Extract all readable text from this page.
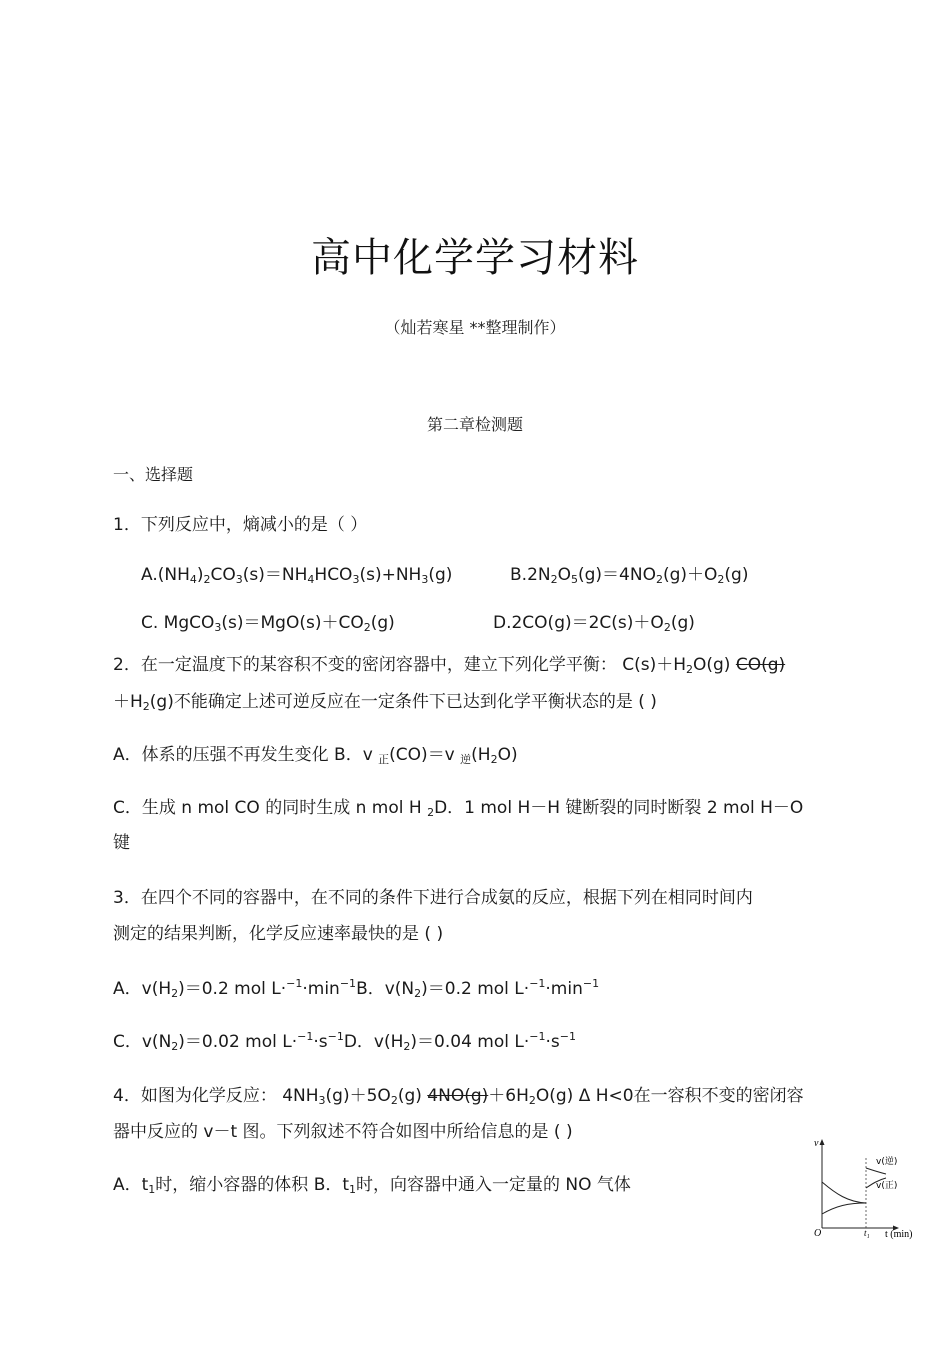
高中化学学习材料
（灿若寒星 **整理制作）
第二章检测题
一、选择题
1．下列反应中，熵减小的是（ ）
A.(NH4)2CO3(s)＝NH4HCO3(s)+NH3(g)	B.2N2O5(g)＝4NO2(g)＋O2(g)
C. MgCO3(s)＝MgO(s)＋CO2(g)	D.2CO(g)＝2C(s)＋O2(g)
2．在一定温度下的某容积不变的密闭容器中，建立下列化学平衡： C(s)＋H2O(g) CO(g)
＋H2(g)不能确定上述可逆反应在一定条件下已达到化学平衡状态的是 ( )
A．体系的压强不再发生变化 B．v 正(CO)＝v 逆(H2O)
C．生成 n mol CO 的同时生成 n mol H 2D．1 mol H－H 键断裂的同时断裂 2 mol H－O
键
3．在四个不同的容器中，在不同的条件下进行合成氨的反应，根据下列在相同时间内
测定的结果判断，化学反应速率最快的是 ( )
A．v(H2)＝0.2 mol $L\cdot^{-1}\cdot\min^{-1}B$．v(N2)＝0.2 mol $L\cdot^{-1}\cdot\min^{-1}$
C．v(N2)＝0.02 mol $L\cdot^{-1}\cdot s^{-1}D$．v(H2)＝0.04 mol $L\cdot^{-1}\cdot s^{-1}$
4．如图为化学反应： 4NH3(g)＋5O2(g) 4NO(g)＋6H2O(g) Δ H<0在一容积不变的密闭容
器中反应的 v－t 图。下列叙述不符合如图中所给信息的是 ( )
A．t1时，缩小容器的体积 B．t1时，向容器中通入一定量的 NO 气体
v
O	t₁ t (min)
v(逆)
v(正)
